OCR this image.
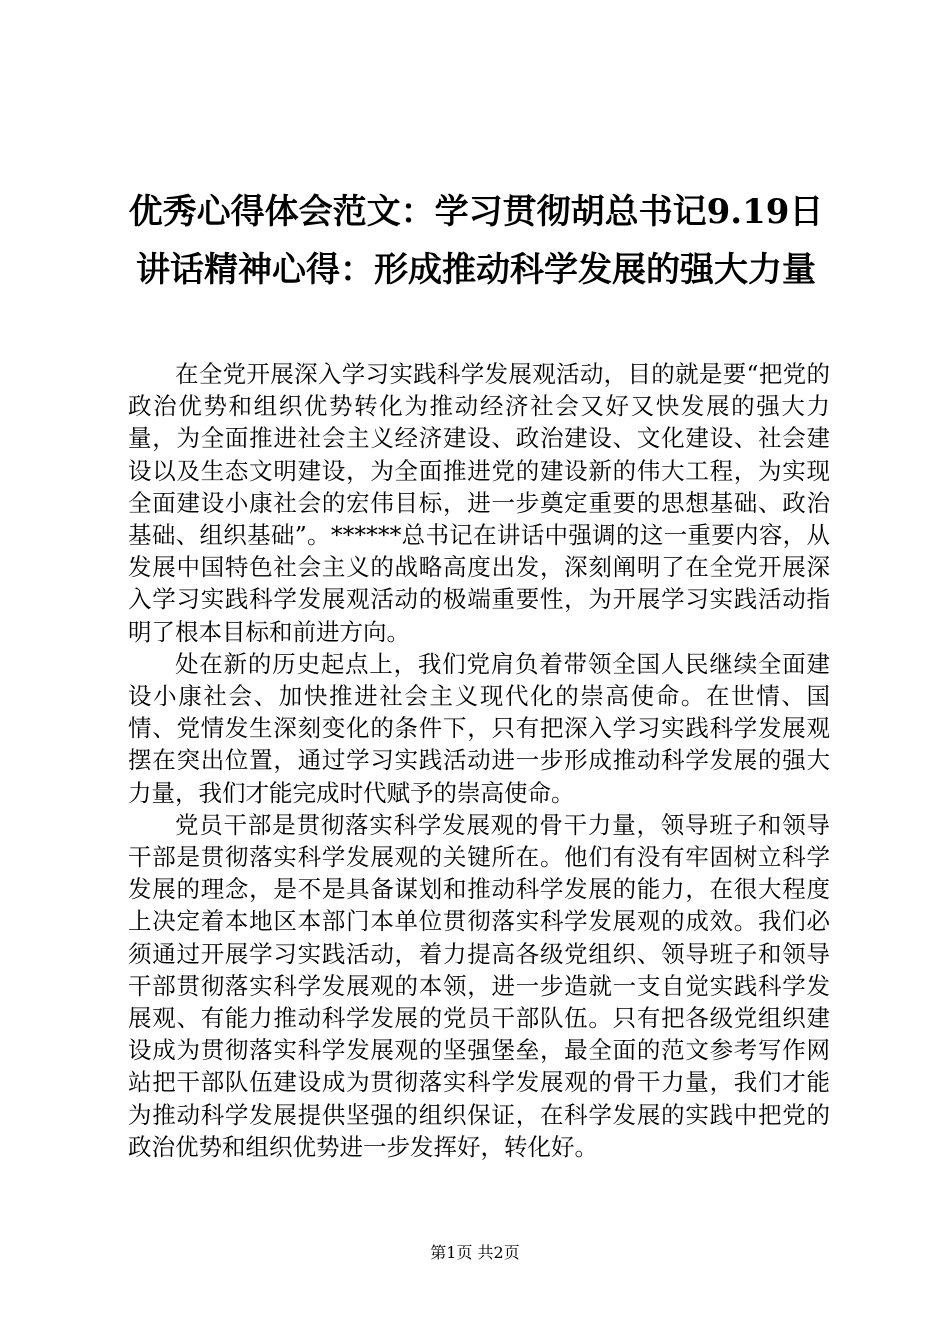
优秀心得体会范文：学习贯彻胡总书记9.19日讲话精神心得：形成推动科学发展的强大力量

在全党开展深入学习实践科学发展观活动，目的就是要“把党的政治优势和组织优势转化为推动经济社会又好又快发展的强大力量，为全面推进社会主义经济建设、政治建设、文化建设、社会建设以及生态文明建设，为全面推进党的建设新的伟大工程，为实现全面建设小康社会的宏伟目标，进一步奠定重要的思想基础、政治基础、组织基础”。******总书记在讲话中强调的这一重要内容，从发展中国特色社会主义的战略高度出发，深刻阐明了在全党开展深入学习实践科学发展观活动的极端重要性，为开展学习实践活动指明了根本目标和前进方向。

处在新的历史起点上，我们党肩负着带领全国人民继续全面建设小康社会、加快推进社会主义现代化的崇高使命。在世情、国情、党情发生深刻变化的条件下，只有把深入学习实践科学发展观摆在突出位置，通过学习实践活动进一步形成推动科学发展的强大力量，我们才能完成时代赋予的崇高使命。

党员干部是贯彻落实科学发展观的骨干力量，领导班子和领导干部是贯彻落实科学发展观的关键所在。他们有没有牢固树立科学发展的理念，是不是具备谋划和推动科学发展的能力，在很大程度上决定着本地区本部门本单位贯彻落实科学发展观的成效。我们必须通过开展学习实践活动，着力提高各级党组织、领导班子和领导干部贯彻落实科学发展观的本领，进一步造就一支自觉实践科学发展观、有能力推动科学发展的党员干部队伍。只有把各级党组织建设成为贯彻落实科学发展观的坚强堡垒，最全面的范文参考写作网站把干部队伍建设成为贯彻落实科学发展观的骨干力量，我们才能为推动科学发展提供坚强的组织保证，在科学发展的实践中把党的政治优势和组织优势进一步发挥好，转化好。

第1页 共2页
